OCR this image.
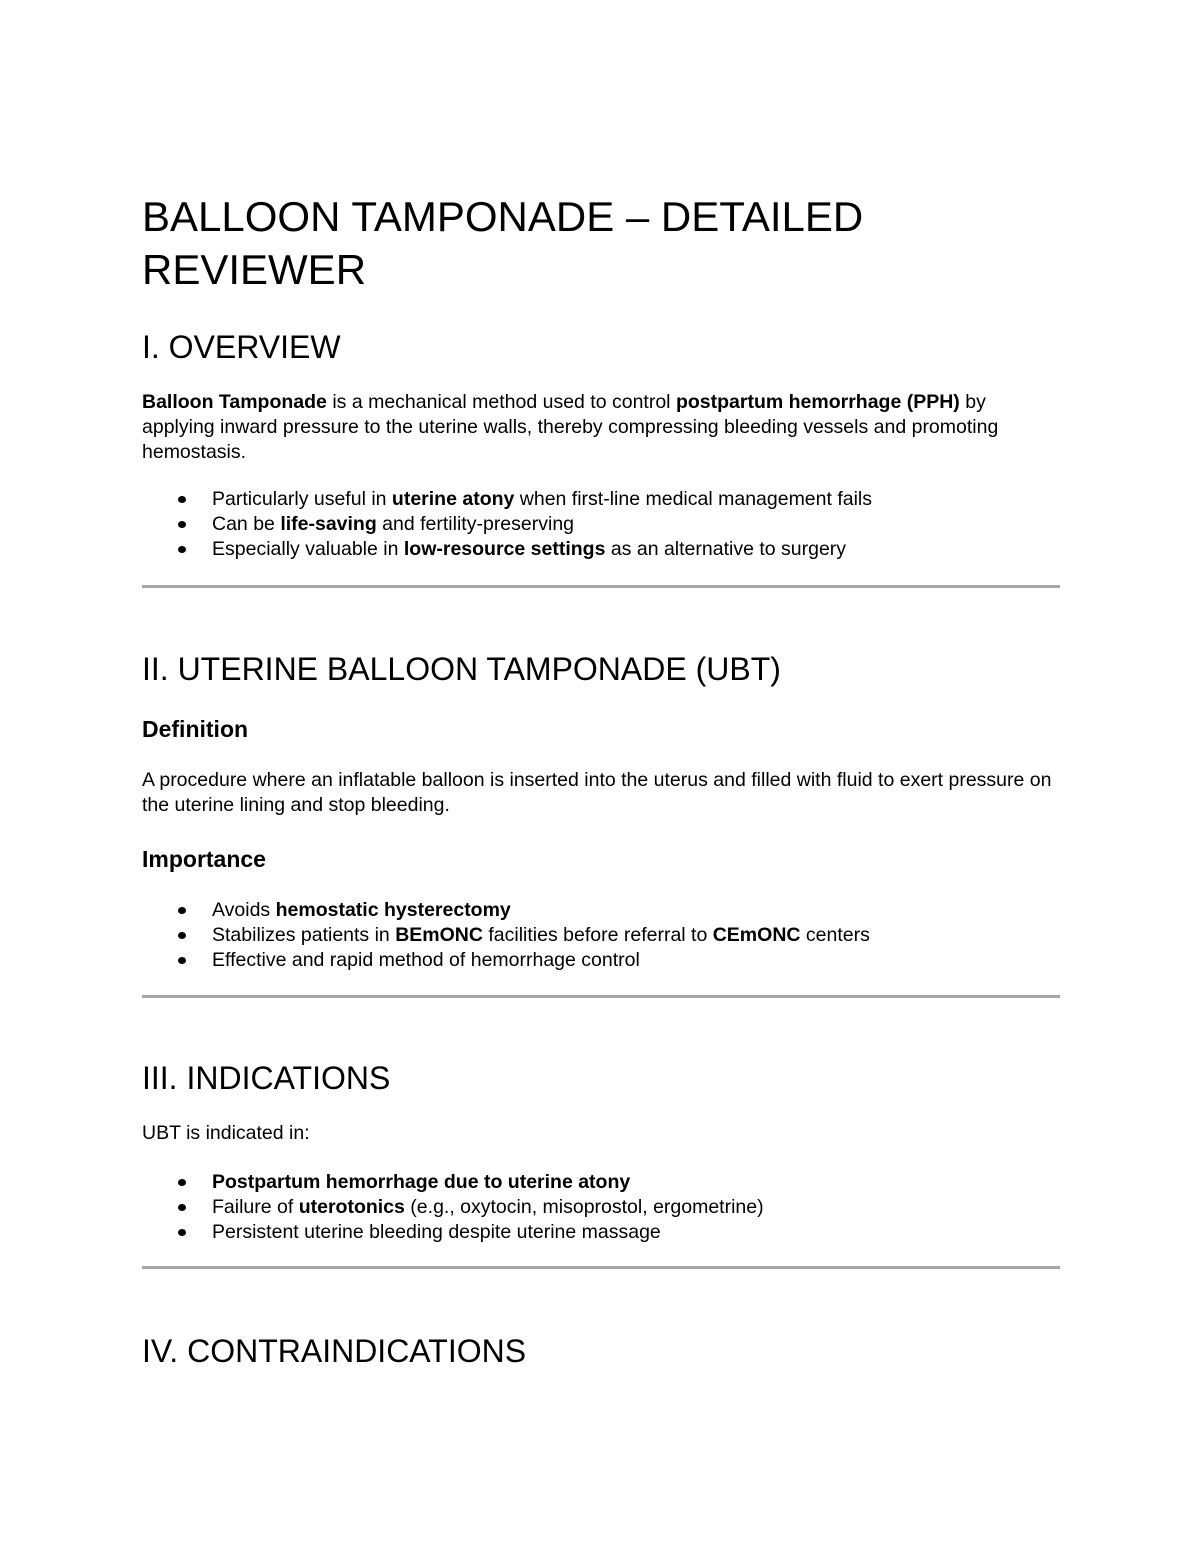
BALLOON TAMPONADE – DETAILED REVIEWER
I. OVERVIEW

Balloon Tamponade is a mechanical method used to control postpartum hemorrhage (PPH) by applying inward pressure to the uterine walls, thereby compressing bleeding vessels and promoting hemostasis.

Particularly useful in uterine atony when first-line medical management fails
Can be life-saving and fertility-preserving
Especially valuable in low-resource settings as an alternative to surgery
II. UTERINE BALLOON TAMPONADE (UBT)
Definition

A procedure where an inflatable balloon is inserted into the uterus and filled with fluid to exert pressure on the uterine lining and stop bleeding.

Importance
Avoids hemostatic hysterectomy
Stabilizes patients in BEmONC facilities before referral to CEmONC centers
Effective and rapid method of hemorrhage control
III. INDICATIONS

UBT is indicated in:

Postpartum hemorrhage due to uterine atony
Failure of uterotonics (e.g., oxytocin, misoprostol, ergometrine)
Persistent uterine bleeding despite uterine massage
IV. CONTRAINDICATIONS
